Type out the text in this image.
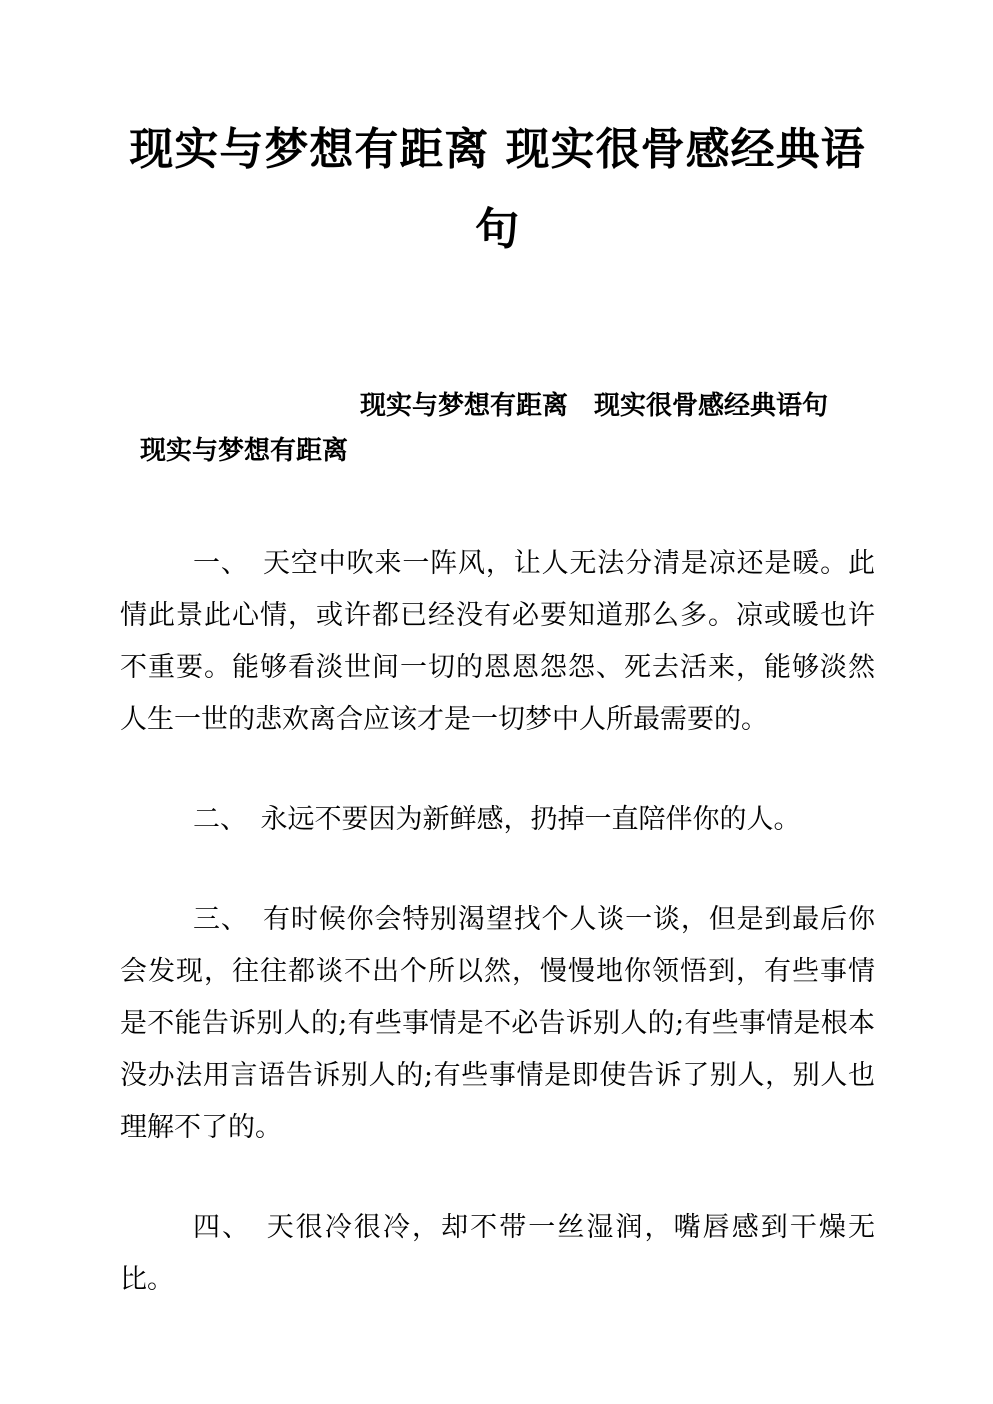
现实与梦想有距离 现实很骨感经典语
句
现实与梦想有距离　现实很骨感经典语句
现实与梦想有距离

一、　天空中吹来一阵风，让人无法分清是凉还是暖。此情此景此心情，或许都已经没有必要知道那么多。凉或暖也许不重要。能够看淡世间一切的恩恩怨怨、死去活来，能够淡然人生一世的悲欢离合应该才是一切梦中人所最需要的。

二、　永远不要因为新鲜感，扔掉一直陪伴你的人。

三、　有时候你会特别渴望找个人谈一谈，但是到最后你会发现，往往都谈不出个所以然，慢慢地你领悟到，有些事情是不能告诉别人的;有些事情是不必告诉别人的;有些事情是根本没办法用言语告诉别人的;有些事情是即使告诉了别人，别人也理解不了的。

四、　天很冷很冷，却不带一丝湿润，嘴唇感到干燥无比。
